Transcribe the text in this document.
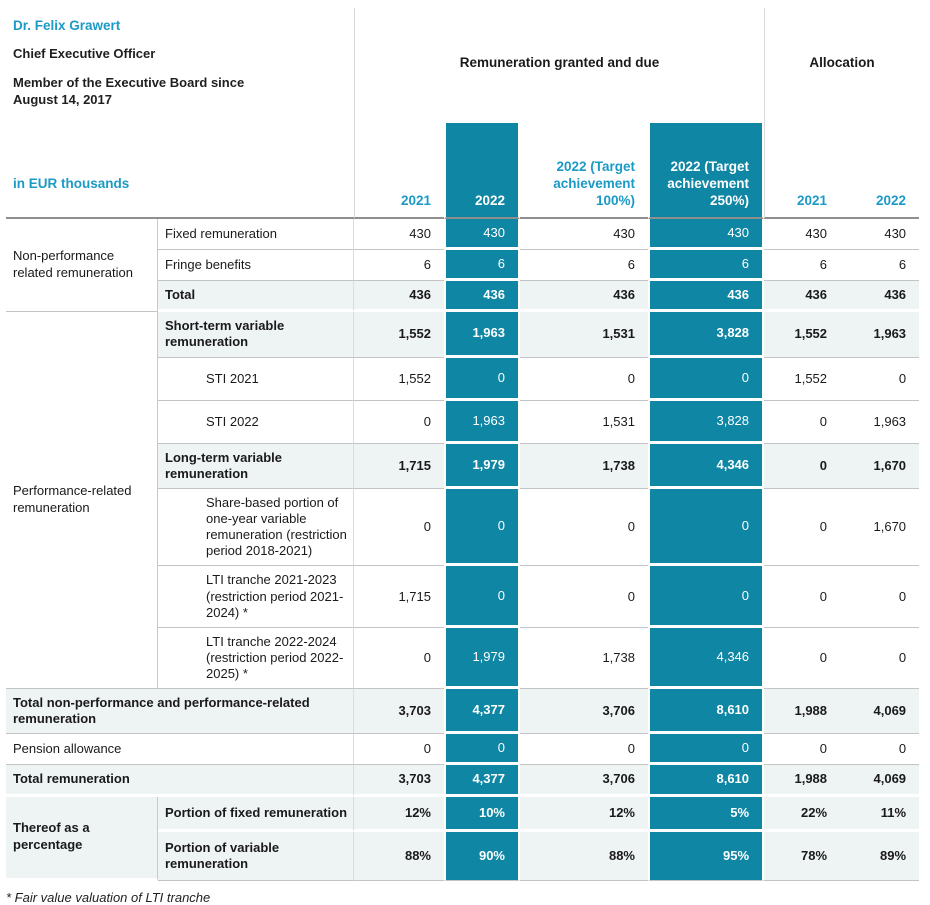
Dr. Felix Grawert

Chief Executive Officer

Member of the Executive Board since August 14, 2017

in EUR thousands		Remuneration granted and due				Allocation	
		2021	2022	2022 (Target achievement 100%)	2022 (Target achievement 250%)	2021	2022
Non-performance related remuneration	Fixed remuneration	430	430	430	430	430	430
	Fringe benefits	6	6	6	6	6	6
	Total	436	436	436	436	436	436
Performance-related remuneration	Short-term variable remuneration	1,552	1,963	1,531	3,828	1,552	1,963
	STI 2021	1,552	0	0	0	1,552	0
	STI 2022	0	1,963	1,531	3,828	0	1,963
	Long-term variable remuneration	1,715	1,979	1,738	4,346	0	1,670
	Share-based portion of one-year variable remuneration (restriction period 2018-2021)	0	0	0	0	0	1,670
	LTI tranche 2021-2023 (restriction period 2021-2024) *	1,715	0	0	0	0	0
	LTI tranche 2022-2024 (restriction period 2022-2025) *	0	1,979	1,738	4,346	0	0
Total non-performance and performance-related remuneration		3,703	4,377	3,706	8,610	1,988	4,069
Pension allowance		0	0	0	0	0	0
Total remuneration		3,703	4,377	3,706	8,610	1,988	4,069
Thereof as a percentage	Portion of fixed remuneration	12%	10%	12%	5%	22%	11%
	Portion of variable remuneration	88%	90%	88%	95%	78%	89%

* Fair value valuation of LTI tranche
